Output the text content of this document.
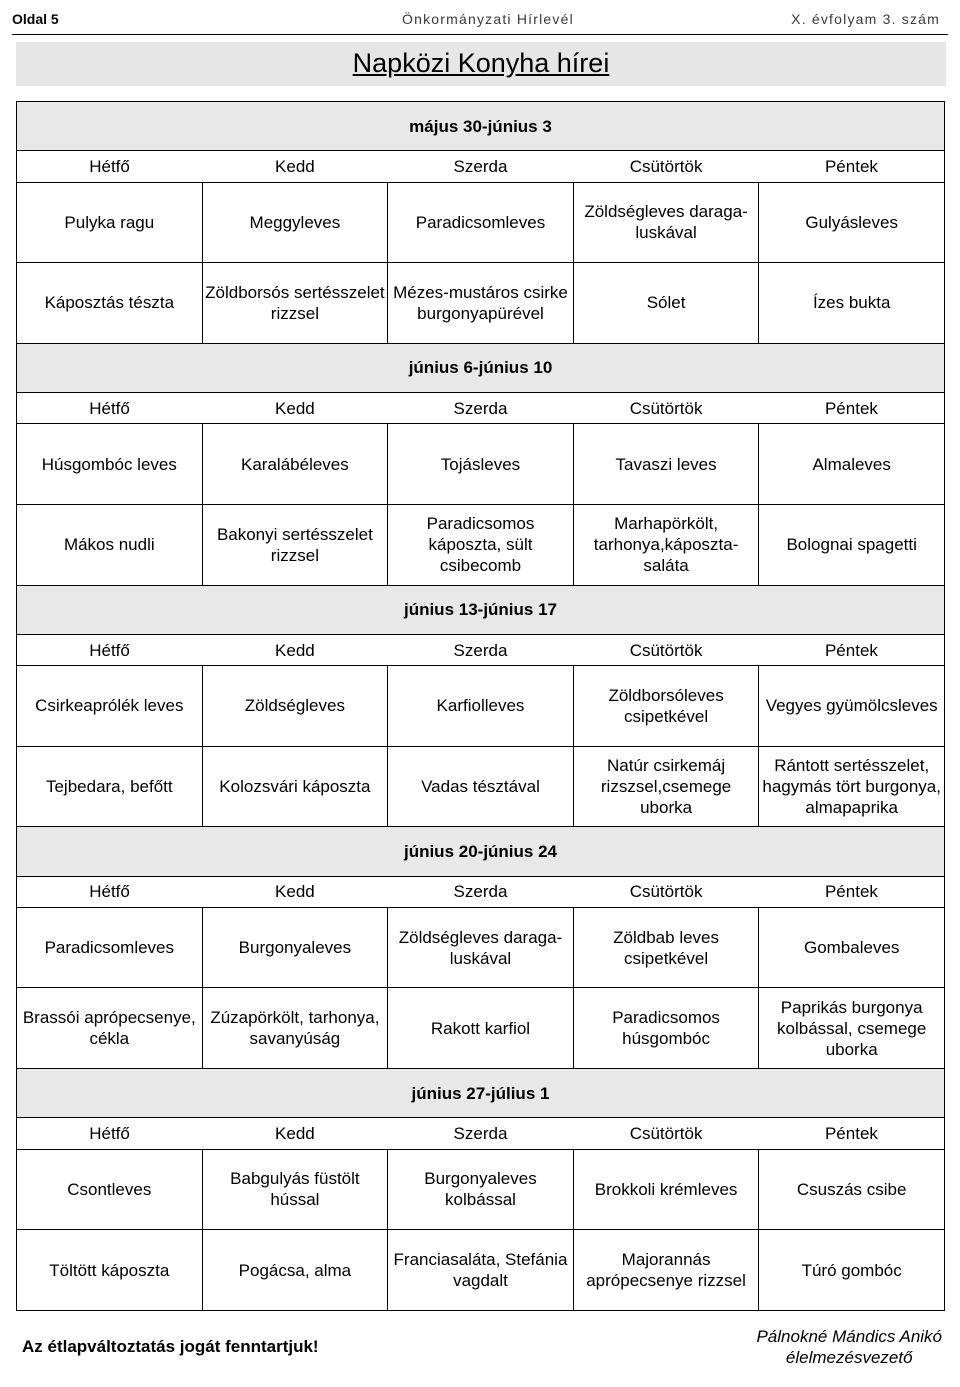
Oldal 5	Önkormányzati Hírlevél	X. évfolyam 3. szám
Napközi Konyha hírei
május 30-június 3				
Hétfő	Kedd	Szerda	Csütörtök	Péntek
Pulyka ragu	Meggyleves	Paradicsomleves	Zöldségleves daraga-luskával	Gulyásleves
Káposztás tészta	Zöldborsós sertésszelet rizzsel	Mézes-mustáros csirke burgonyapürével	Sólet	Ízes bukta
június 6-június 10				
Hétfő	Kedd	Szerda	Csütörtök	Péntek
Húsgombóc leves	Karalábéleves	Tojásleves	Tavaszi leves	Almaleves
Mákos nudli	Bakonyi sertésszelet rizzsel	Paradicsomos káposzta, sült csibecomb	Marhapörkölt, tarhonya,káposzta-saláta	Bolognai spagetti
június 13-június 17				
Hétfő	Kedd	Szerda	Csütörtök	Péntek
Csirkeaprólék leves	Zöldségleves	Karfiolleves	Zöldborsóleves csipetkével	Vegyes gyümölcsleves
Tejbedara, befőtt	Kolozsvári káposzta	Vadas tésztával	Natúr csirkemáj rizszsel,csemege uborka	Rántott sertésszelet, hagymás tört burgonya, almapaprika
június 20-június 24				
Hétfő	Kedd	Szerda	Csütörtök	Péntek
Paradicsomleves	Burgonyaleves	Zöldségleves daraga-luskával	Zöldbab leves csipetkével	Gombaleves
Brassói aprópecsenye, cékla	Zúzapörkölt, tarhonya, savanyúság	Rakott karfiol	Paradicsomos húsgombóc	Paprikás burgonya kolbással, csemege uborka
június 27-július 1				
Hétfő	Kedd	Szerda	Csütörtök	Péntek
Csontleves	Babgulyás füstölt hússal	Burgonyaleves kolbással	Brokkoli krémleves	Csuszás csibe
Töltött káposzta	Pogácsa, alma	Franciasaláta, Stefánia vagdalt	Majorannás aprópecsenye rizzsel	Túró gombóc
Az étlapváltoztatás jogát fenntartjuk!
Pálnokné Mándics Anikó
élelmezésvezető
